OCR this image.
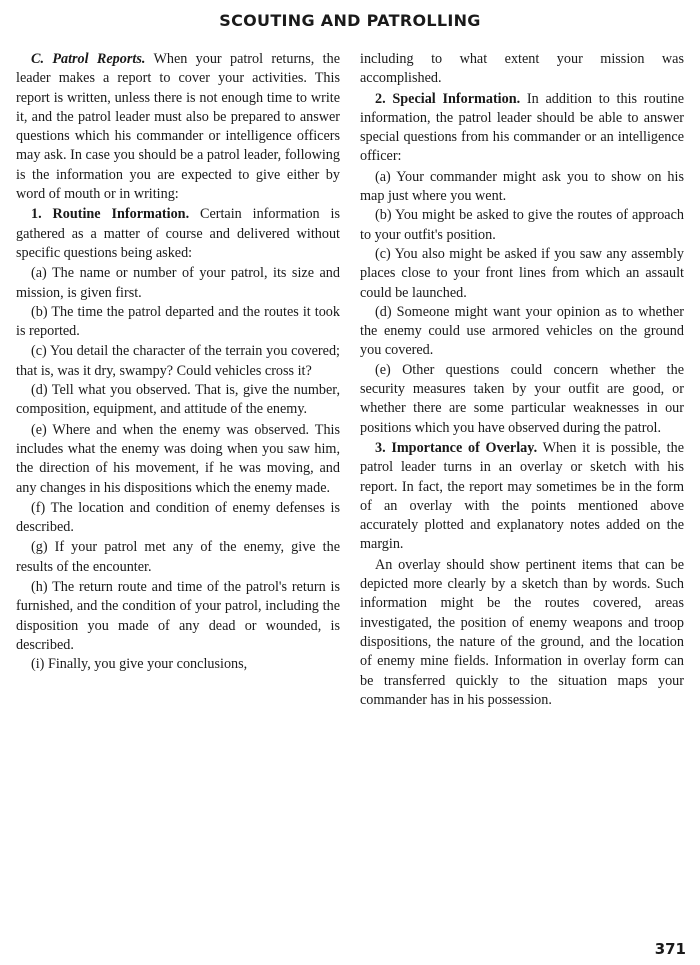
SCOUTING AND PATROLLING

C. Patrol Reports. When your patrol returns, the leader makes a report to cover your activities. This report is written, unless there is not enough time to write it, and the patrol leader must also be prepared to answer questions which his commander or intelligence officers may ask. In case you should be a patrol leader, following is the information you are expected to give either by word of mouth or in writing:

1. Routine Information. Certain information is gathered as a matter of course and delivered without specific questions being asked:

(a) The name or number of your patrol, its size and mission, is given first.

(b) The time the patrol departed and the routes it took is reported.

(c) You detail the character of the terrain you covered; that is, was it dry, swampy? Could vehicles cross it?

(d) Tell what you observed. That is, give the number, composition, equipment, and attitude of the enemy.

(e) Where and when the enemy was observed. This includes what the enemy was doing when you saw him, the direction of his movement, if he was moving, and any changes in his dispositions which the enemy made.

(f) The location and condition of enemy defenses is described.

(g) If your patrol met any of the enemy, give the results of the encounter.

(h) The return route and time of the patrol's return is furnished, and the condition of your patrol, including the disposition you made of any dead or wounded, is described.

(i) Finally, you give your conclusions,

including to what extent your mission was accomplished.

2. Special Information. In addition to this routine information, the patrol leader should be able to answer special questions from his commander or an intelligence officer:

(a) Your commander might ask you to show on his map just where you went.

(b) You might be asked to give the routes of approach to your outfit's position.

(c) You also might be asked if you saw any assembly places close to your front lines from which an assault could be launched.

(d) Someone might want your opinion as to whether the enemy could use armored vehicles on the ground you covered.

(e) Other questions could concern whether the security measures taken by your outfit are good, or whether there are some particular weaknesses in our positions which you have observed during the patrol.

3. Importance of Overlay. When it is possible, the patrol leader turns in an overlay or sketch with his report. In fact, the report may sometimes be in the form of an overlay with the points mentioned above accurately plotted and explanatory notes added on the margin.

An overlay should show pertinent items that can be depicted more clearly by a sketch than by words. Such information might be the routes covered, areas investigated, the position of enemy weapons and troop dispositions, the nature of the ground, and the location of enemy mine fields. Information in overlay form can be transferred quickly to the situation maps your commander has in his possession.

371
